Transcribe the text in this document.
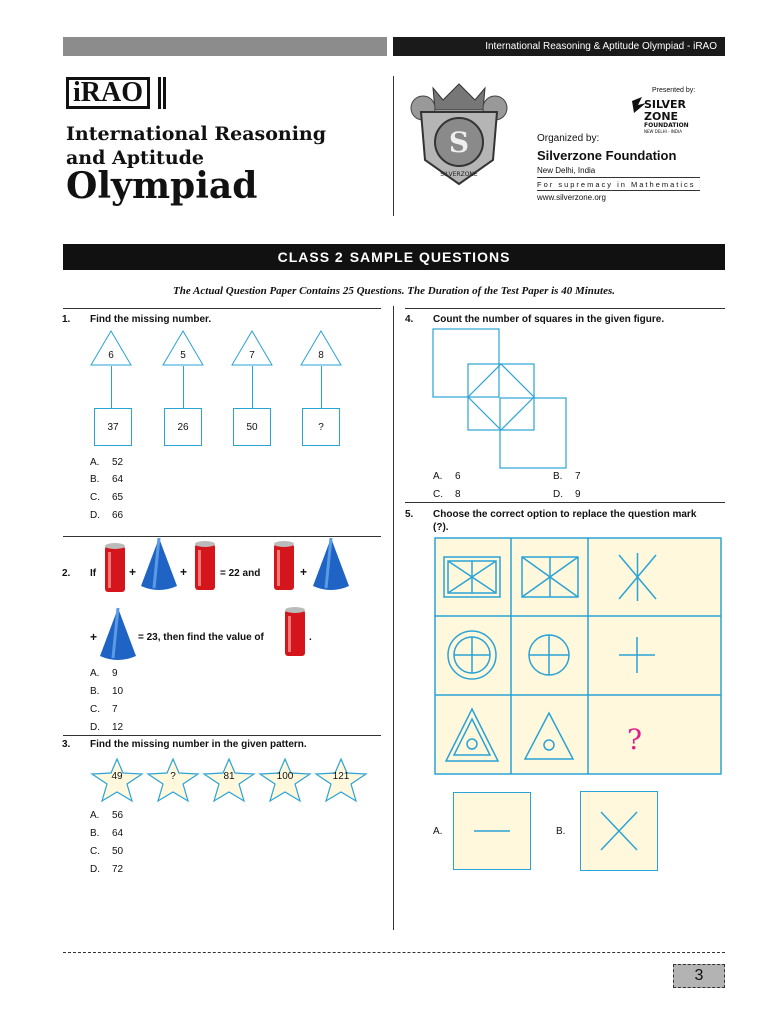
International Reasoning & Aptitude Olympiad - iRAO
iRAO
International Reasoning
and Aptitude
Olympiad
S
SILVERZONE
Presented by:
SILVER
ZONE
FOUNDATION
NEW DELHI - INDIA
Organized by:
Silverzone Foundation
New Delhi, India
For supremacy in Mathematics
www.silverzone.org
CLASS 2 SAMPLE QUESTIONS
The Actual Question Paper Contains 25 Questions. The Duration of the Test Paper is 40 Minutes.
1. Find the missing number.
6
37
5
26
7
50
8
?
A. 52
B. 64
C. 65
D. 66
2. If	+	+	= 22 and	+
+	= 23, then find the value of	.
A. 9
B. 10
C. 7
D. 12
3. Find the missing number in the given pattern.
49	?	81	100	121
A. 56
B. 64
C. 50
D. 72
4. Count the number of squares in the given figure.
A. 6	B. 7
C. 8	D. 9
5. Choose the correct option to replace the question mark
(?).
?
A.	B.
3
